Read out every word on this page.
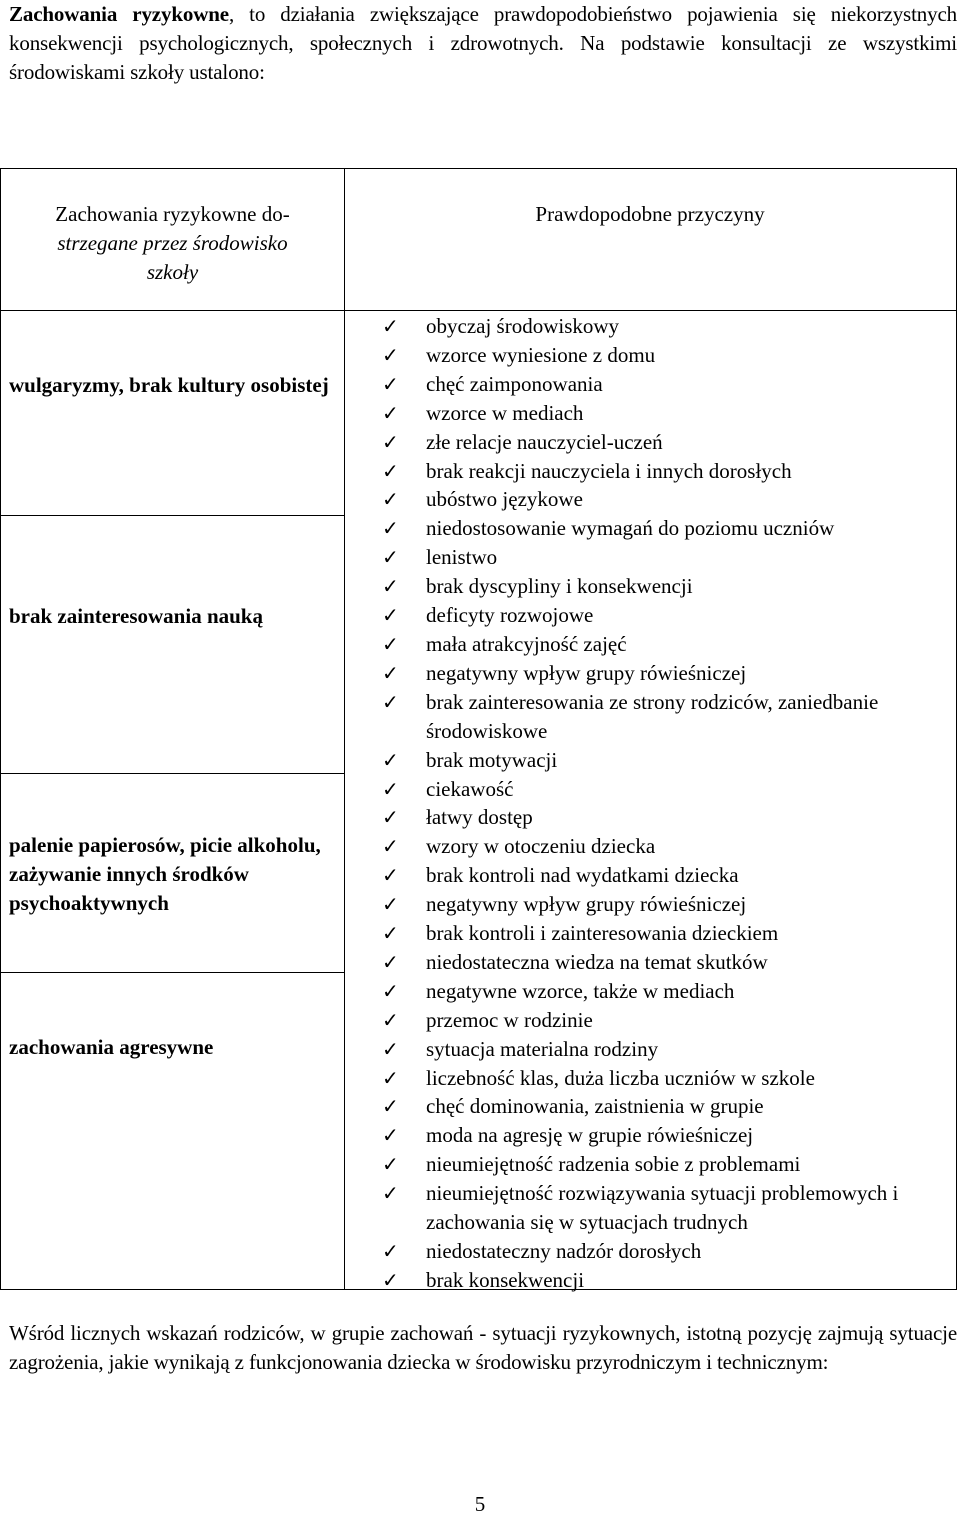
Zachowania ryzykowne, to działania zwiększające prawdopodobieństwo pojawienia się niekorzystnych konsekwencji psychologicznych, społecznych i zdrowotnych. Na podstawie konsultacji ze wszystkimi środowiskami szkoły ustalono:
Zachowania ryzykowne do-
strzegane przez środowisko
szkoły
Prawdopodobne przyczyny
wulgaryzmy, brak kultury osobistej
brak zainteresowania nauką
palenie papierosów, picie alkoholu, zażywanie innych środków psychoaktywnych
zachowania agresywne
✓ obyczaj środowiskowy
✓ wzorce wyniesione z domu
✓ chęć zaimponowania
✓ wzorce w mediach
✓ złe relacje nauczyciel-uczeń
✓ brak reakcji nauczyciela i innych dorosłych
✓ ubóstwo językowe
✓ niedostosowanie wymagań do poziomu uczniów
✓ lenistwo
✓ brak dyscypliny i konsekwencji
✓ deficyty rozwojowe
✓ mała atrakcyjność zajęć
✓ negatywny wpływ grupy rówieśniczej
✓ brak zainteresowania ze strony rodziców, zaniedbanie środowiskowe
✓ brak motywacji
✓ ciekawość
✓ łatwy dostęp
✓ wzory w otoczeniu dziecka
✓ brak kontroli nad wydatkami dziecka
✓ negatywny wpływ grupy rówieśniczej
✓ brak kontroli i zainteresowania dzieckiem
✓ niedostateczna wiedza na temat skutków
✓ negatywne wzorce, także w mediach
✓ przemoc w rodzinie
✓ sytuacja materialna rodziny
✓ liczebność klas, duża liczba uczniów w szkole
✓ chęć dominowania, zaistnienia w grupie
✓ moda na agresję w grupie rówieśniczej
✓ nieumiejętność radzenia sobie z problemami
✓ nieumiejętność rozwiązywania sytuacji problemowych i zachowania się w sytuacjach trudnych
✓ niedostateczny nadzór dorosłych
✓ brak konsekwencji
Wśród licznych wskazań rodziców, w grupie zachowań - sytuacji ryzykownych, istotną pozycję zajmują sytuacje zagrożenia, jakie wynikają z funkcjonowania dziecka w środowisku przyrodniczym i technicznym:
5
